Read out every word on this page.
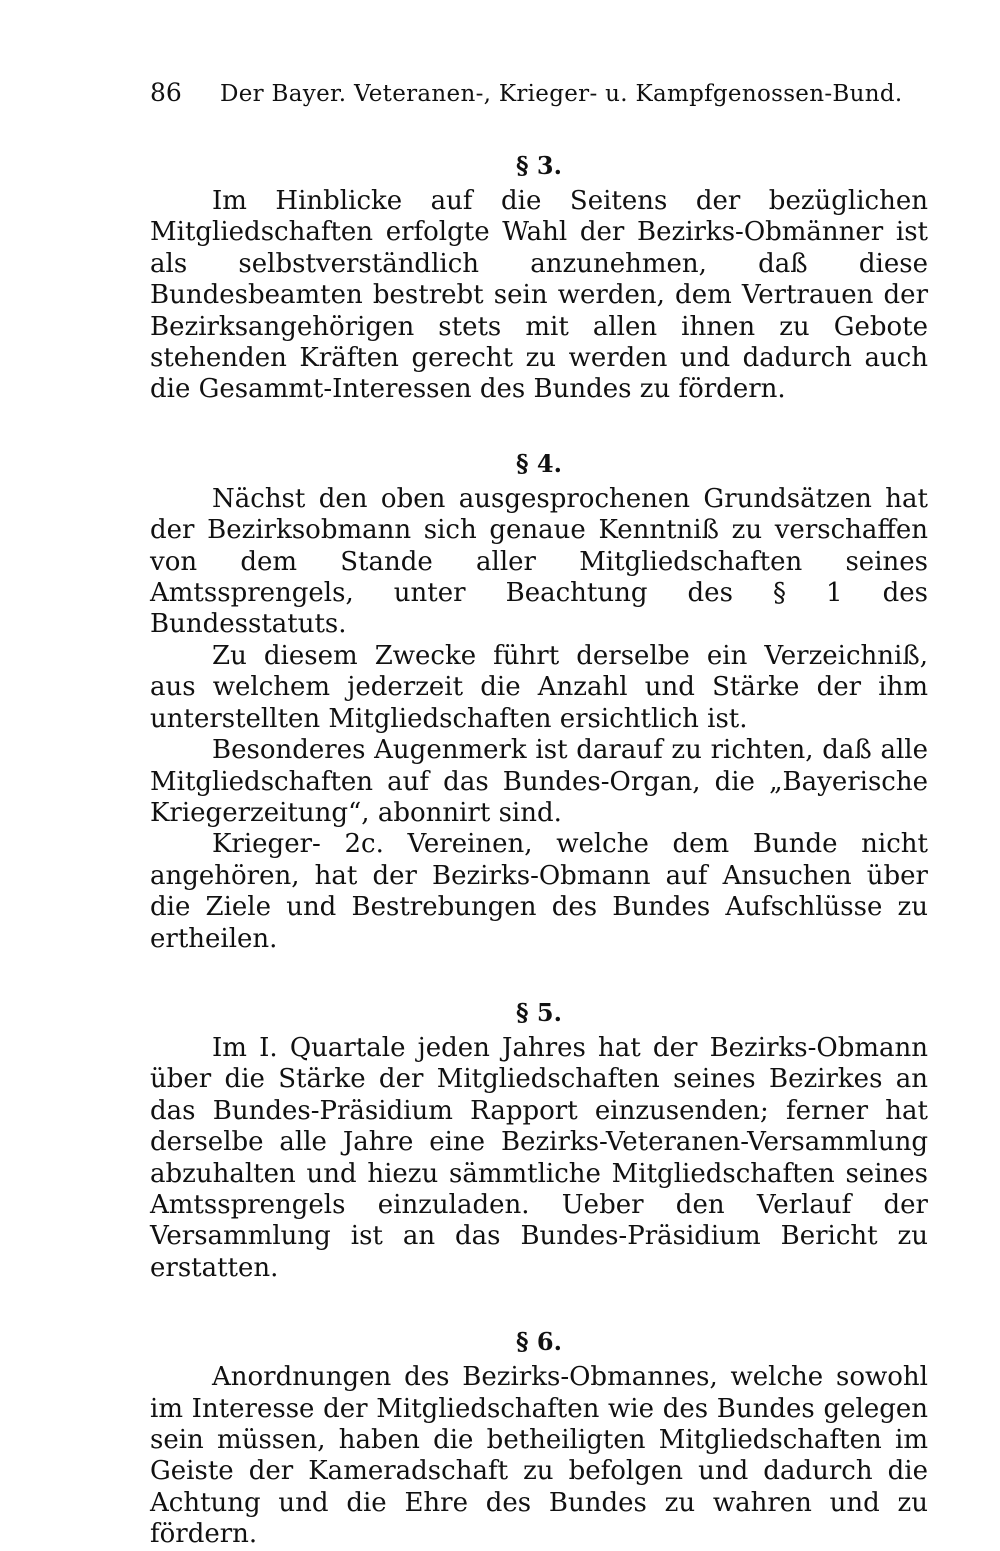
86	Der Bayer. Veteranen-, Krieger- u. Kampfgenossen-Bund.
§ 3.

Im Hinblicke auf die Seitens der bezüglichen Mitgliedschaften erfolgte Wahl der Bezirks-Obmänner ist als selbstverständlich anzunehmen, daß diese Bundesbeamten bestrebt sein werden, dem Vertrauen der Bezirksangehörigen stets mit allen ihnen zu Gebote stehenden Kräften gerecht zu werden und dadurch auch die Gesammt-Interessen des Bundes zu fördern.

§ 4.

Nächst den oben ausgesprochenen Grundsätzen hat der Bezirksobmann sich genaue Kenntniß zu verschaffen von dem Stande aller Mitgliedschaften seines Amtssprengels, unter Beachtung des § 1 des Bundesstatuts.

Zu diesem Zwecke führt derselbe ein Verzeichniß, aus welchem jederzeit die Anzahl und Stärke der ihm unterstellten Mitgliedschaften ersichtlich ist.

Besonderes Augenmerk ist darauf zu richten, daß alle Mitgliedschaften auf das Bundes-Organ, die „Bayerische Kriegerzeitung“, abonnirt sind.

Krieger- 2c. Vereinen, welche dem Bunde nicht angehören, hat der Bezirks-Obmann auf Ansuchen über die Ziele und Bestrebungen des Bundes Aufschlüsse zu ertheilen.

§ 5.

Im I. Quartale jeden Jahres hat der Bezirks-Obmann über die Stärke der Mitgliedschaften seines Bezirkes an das Bundes-Präsidium Rapport einzusenden; ferner hat derselbe alle Jahre eine Bezirks-Veteranen-Versammlung abzuhalten und hiezu sämmtliche Mitgliedschaften seines Amtssprengels einzuladen. Ueber den Verlauf der Versammlung ist an das Bundes-Präsidium Bericht zu erstatten.

§ 6.

Anordnungen des Bezirks-Obmannes, welche sowohl im Interesse der Mitgliedschaften wie des Bundes gelegen sein müssen, haben die betheiligten Mitgliedschaften im Geiste der Kameradschaft zu befolgen und dadurch die Achtung und die Ehre des Bundes zu wahren und zu fördern.
